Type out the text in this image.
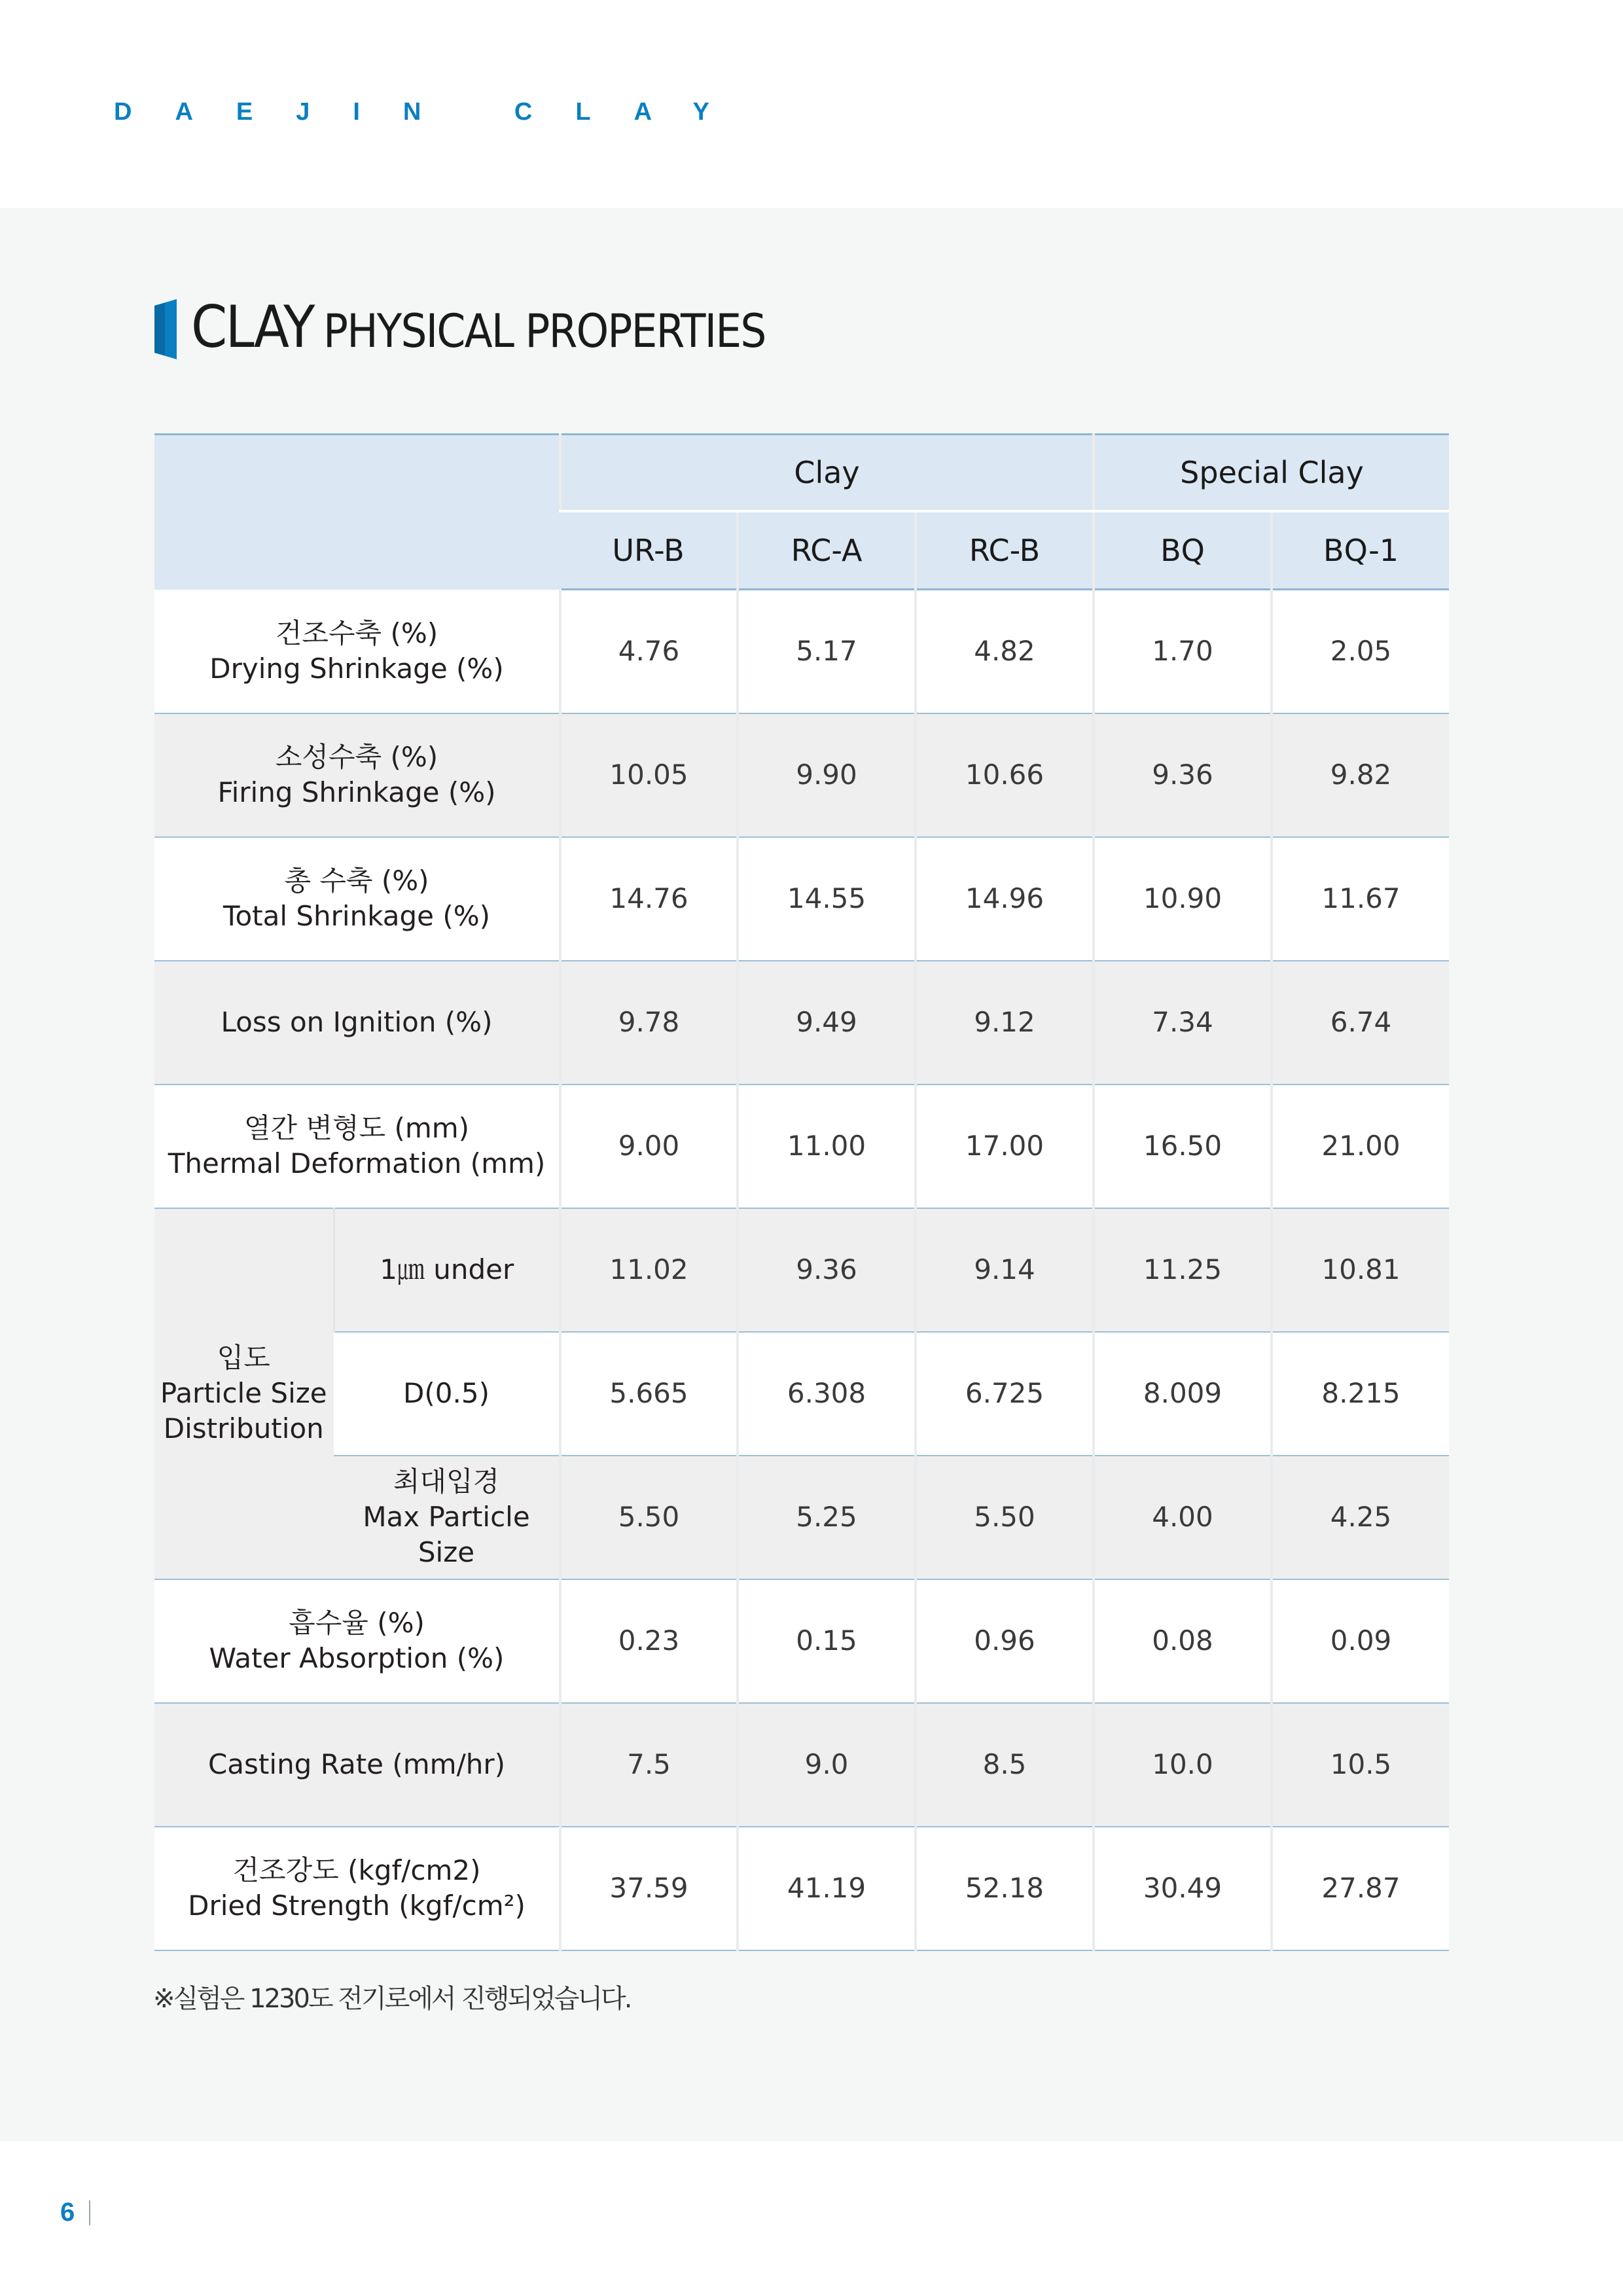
DAEJIN CLAY
CLAY PHYSICAL PROPERTIES
		Clay			Special Clay	
		UR-B	RC-A	RC-B	BQ	BQ-1

건조수축 (%)
Drying Shrinkage (%)		4.76	5.17	4.82	1.70	2.05

소성수축 (%)
Firing Shrinkage (%)		10.05	9.90	10.66	9.36	9.82

총 수축 (%)
Total Shrinkage (%)		14.76	14.55	14.96	10.90	11.67

Loss on Ignition (%)		9.78	9.49	9.12	7.34	6.74

열간 변형도 (mm)
Thermal Deformation (mm)		9.00	11.00	17.00	16.50	21.00

입도
Particle Size
Distribution	1㎛ under	11.02	9.36	9.14	11.25	10.81

	D(0.5)	5.665	6.308	6.725	8.009	8.215

	최대입경
Max Particle Size	5.50	5.25	5.50	4.00	4.25

흡수율 (%)
Water Absorption (%)		0.23	0.15	0.96	0.08	0.09

Casting Rate (mm/hr)		7.5	9.0	8.5	10.0	10.5

건조강도 (kgf/cm2)
Dried Strength (kgf/cm²)		37.59	41.19	52.18	30.49	27.87
※실험은 1230도 전기로에서 진행되었습니다.
6
